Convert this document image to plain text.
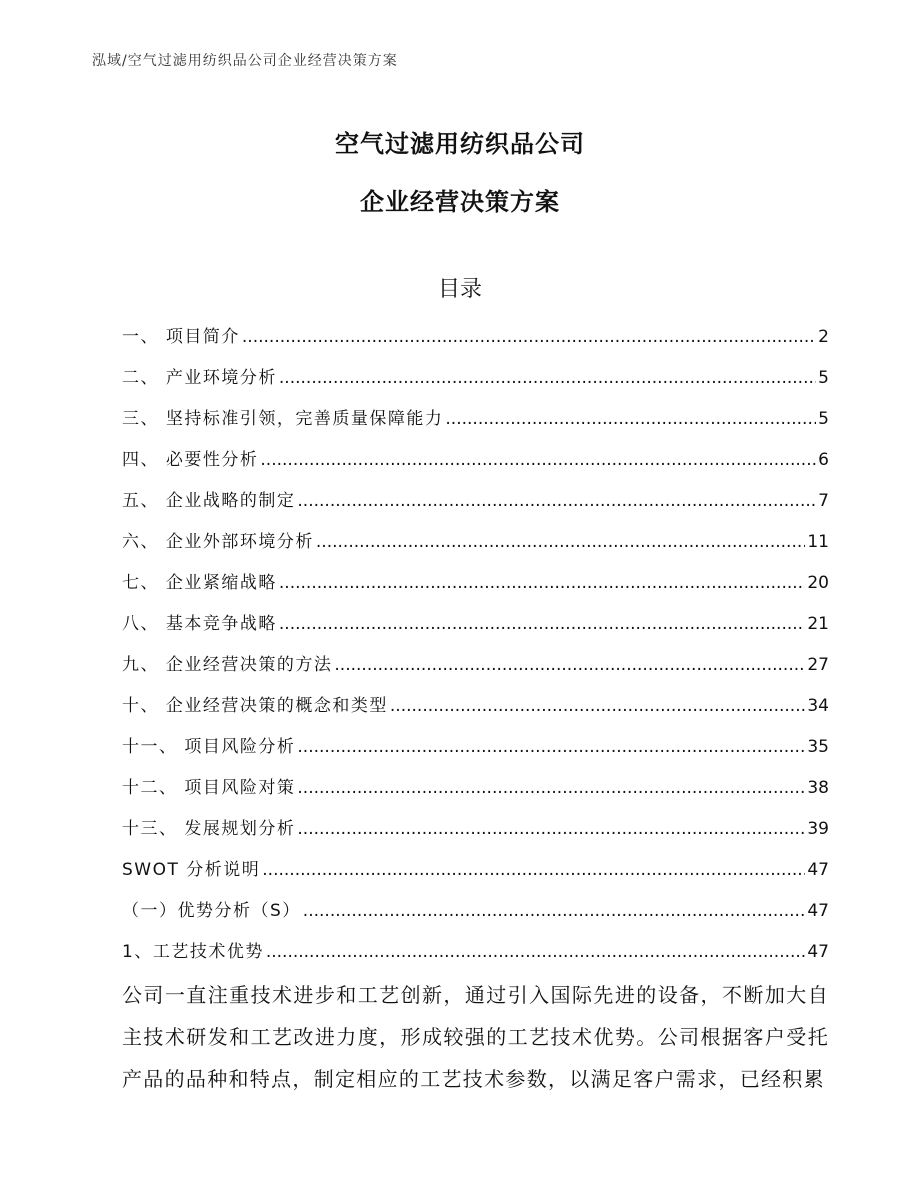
泓域/空气过滤用纺织品公司企业经营决策方案
空气过滤用纺织品公司
企业经营决策方案
目录
一、 项目简介 .....	2
二、 产业环境分析 .....	5
三、 坚持标准引领，完善质量保障能力 .....	5
四、 必要性分析 .....	6
五、 企业战略的制定 .....	7
六、 企业外部环境分析 .....	11
七、 企业紧缩战略 .....	20
八、 基本竞争战略 .....	21
九、 企业经营决策的方法 .....	27
十、 企业经营决策的概念和类型 .....	34
十一、 项目风险分析 .....	35
十二、 项目风险对策 .....	38
十三、 发展规划分析 .....	39
SWOT 分析说明 .....	47
（一）优势分析（S） .....	47
1、工艺技术优势 .....	47
公司一直注重技术进步和工艺创新，通过引入国际先进的设备，不断加大自主技术研发和工艺改进力度，形成较强的工艺技术优势。公司根据客户受托产品的品种和特点，制定相应的工艺技术参数，以满足客户需求，已经积累
